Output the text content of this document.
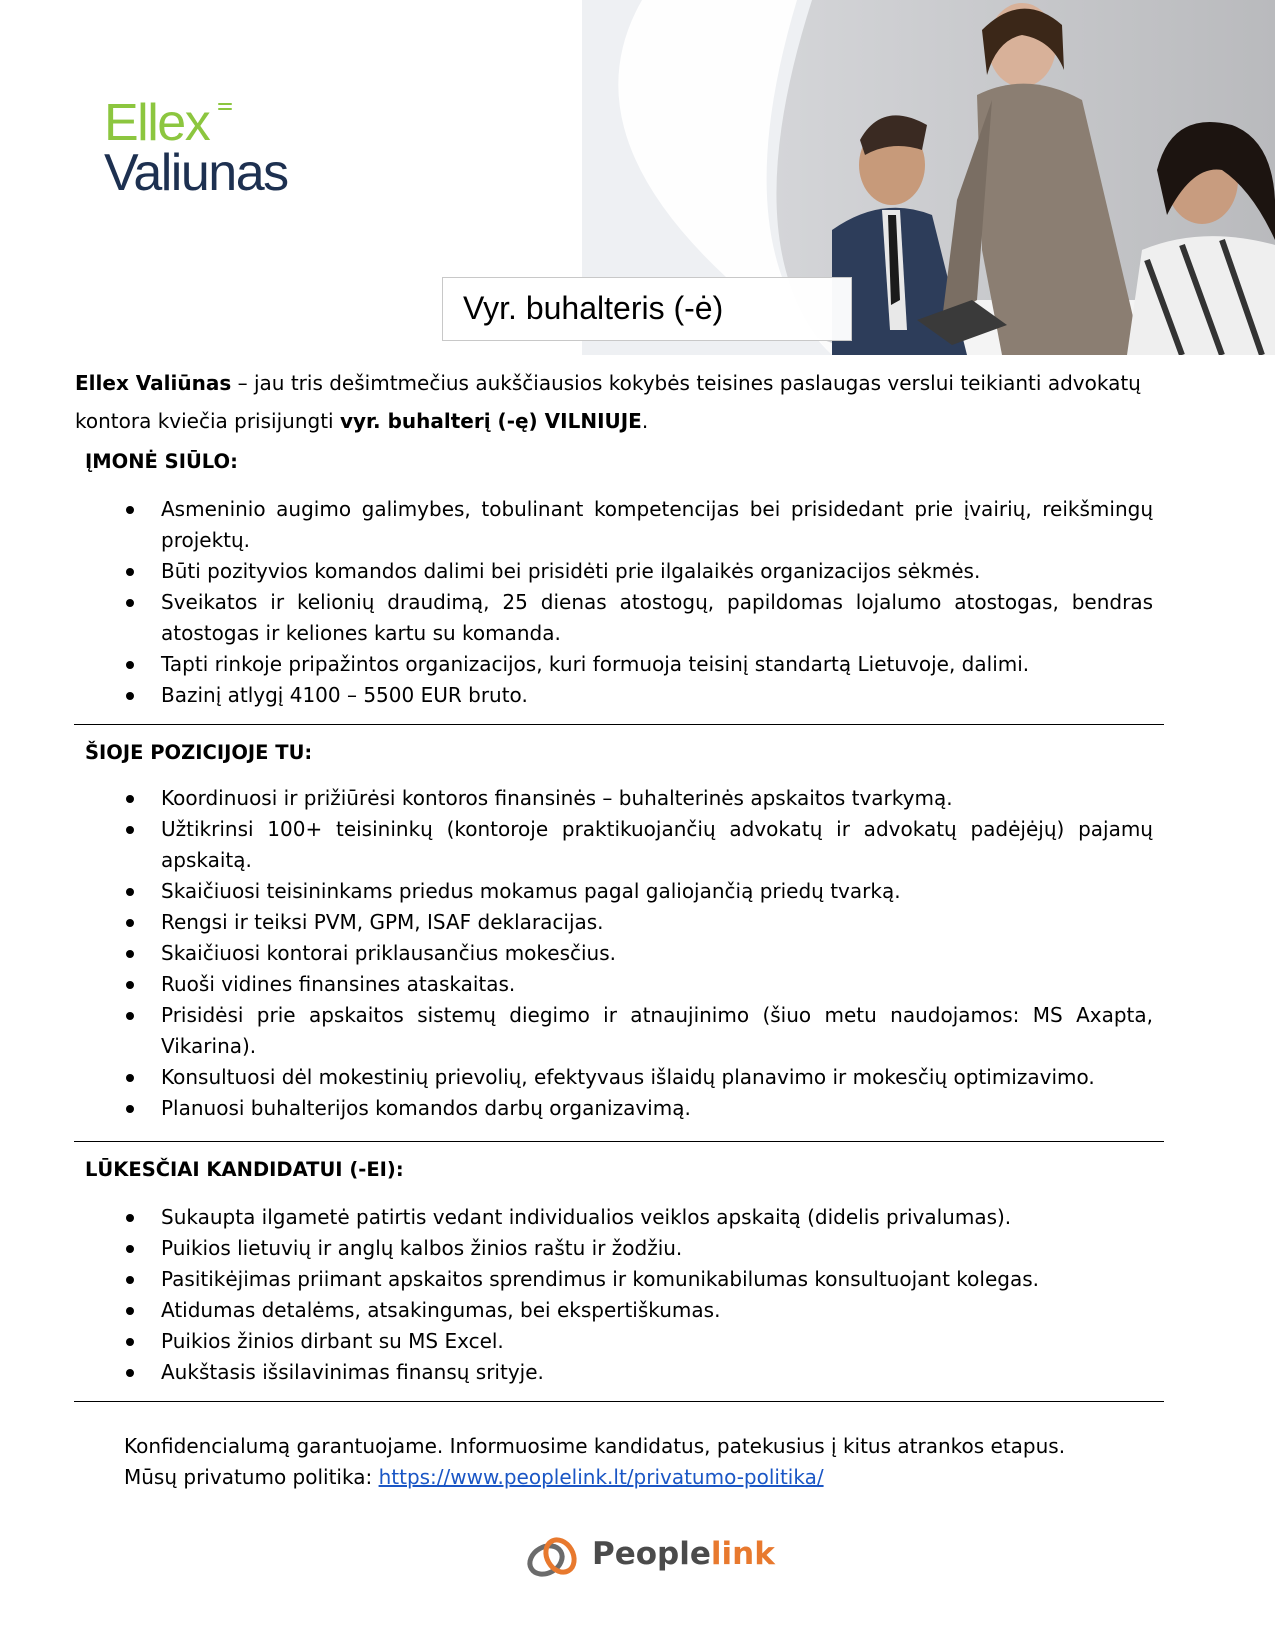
Ellex
Valiunas
Vyr. buhalteris (-ė)
Ellex Valiūnas – jau tris dešimtmečius aukščiausios kokybės teisines paslaugas verslui teikianti advokatų kontora kviečia prisijungti vyr. buhalterį (-ę) VILNIUJE.
ĮMONĖ SIŪLO:
Asmeninio augimo galimybes, tobulinant kompetencijas bei prisidedant prie įvairių, reikšmingų projektų.
Būti pozityvios komandos dalimi bei prisidėti prie ilgalaikės organizacijos sėkmės.
Sveikatos ir kelionių draudimą, 25 dienas atostogų, papildomas lojalumo atostogas, bendras atostogas ir keliones kartu su komanda.
Tapti rinkoje pripažintos organizacijos, kuri formuoja teisinį standartą Lietuvoje, dalimi.
Bazinį atlygį 4100 – 5500 EUR bruto.
ŠIOJE POZICIJOJE TU:
Koordinuosi ir prižiūrėsi kontoros finansinės – buhalterinės apskaitos tvarkymą.
Užtikrinsi 100+ teisininkų (kontoroje praktikuojančių advokatų ir advokatų padėjėjų) pajamų apskaitą.
Skaičiuosi teisininkams priedus mokamus pagal galiojančią priedų tvarką.
Rengsi ir teiksi PVM, GPM, ISAF deklaracijas.
Skaičiuosi kontorai priklausančius mokesčius.
Ruoši vidines finansines ataskaitas.
Prisidėsi prie apskaitos sistemų diegimo ir atnaujinimo (šiuo metu naudojamos: MS Axapta, Vikarina).
Konsultuosi dėl mokestinių prievolių, efektyvaus išlaidų planavimo ir mokesčių optimizavimo.
Planuosi buhalterijos komandos darbų organizavimą.
LŪKESČIAI KANDIDATUI (-EI):
Sukaupta ilgametė patirtis vedant individualios veiklos apskaitą (didelis privalumas).
Puikios lietuvių ir anglų kalbos žinios raštu ir žodžiu.
Pasitikėjimas priimant apskaitos sprendimus ir komunikabilumas konsultuojant kolegas.
Atidumas detalėms, atsakingumas, bei ekspertiškumas.
Puikios žinios dirbant su MS Excel.
Aukštasis išsilavinimas finansų srityje.
Konfidencialumą garantuojame. Informuosime kandidatus, patekusius į kitus atrankos etapus.
Mūsų privatumo politika: https://www.peoplelink.lt/privatumo-politika/
Peoplelink
